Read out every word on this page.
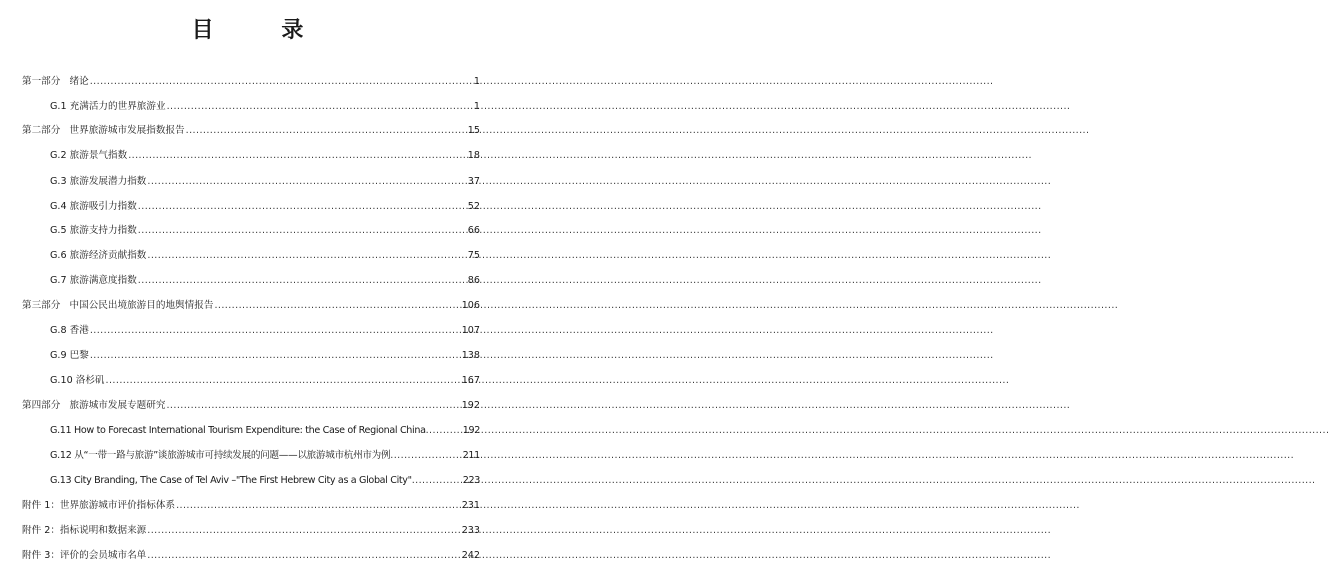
目 录
第一部分   绪论 .....	1
G.1 充满活力的世界旅游业 .....	1
第二部分   世界旅游城市发展指数报告 .....	15
G.2 旅游景气指数 .....	18
G.3 旅游发展潜力指数 .....	37
G.4 旅游吸引力指数 .....	52
G.5 旅游支持力指数 .....	66
G.6 旅游经济贡献指数 .....	75
G.7 旅游满意度指数 .....	86
第三部分   中国公民出境旅游目的地舆情报告 .....	106
G.8 香港 .....	107
G.9 巴黎 .....	138
G.10 洛杉矶 .....	167
第四部分   旅游城市发展专题研究 .....	192
G.11 How to Forecast International Tourism Expenditure: the Case of Regional China .....	192
G.12 从“一带一路与旅游”谈旅游城市可持续发展的问题——以旅游城市杭州市为例 .....	211
G.13 City Branding, The Case of Tel Aviv –"The First Hebrew City as a Global City" .....	223
附件 1：世界旅游城市评价指标体系 .....	231
附件 2：指标说明和数据来源 .....	233
附件 3：评价的会员城市名单 .....	242
